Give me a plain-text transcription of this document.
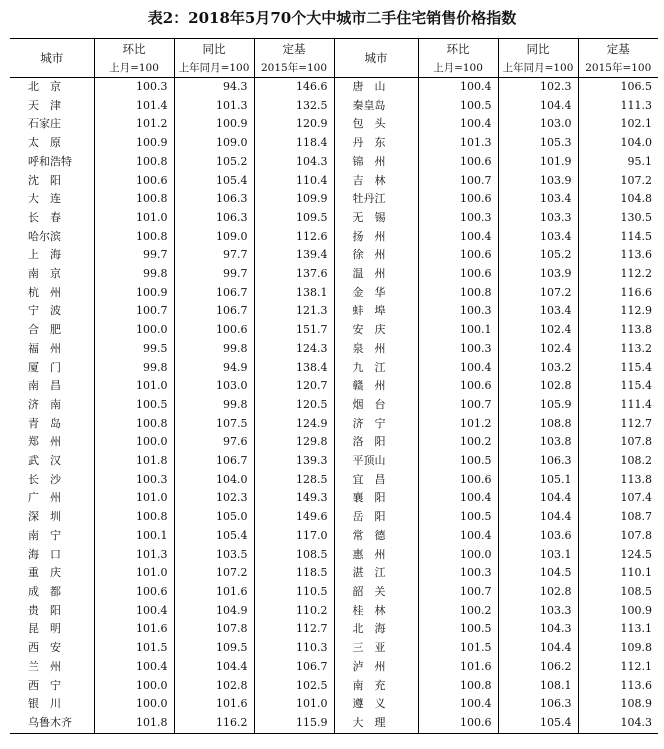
表2：2018年5月70个大中城市二手住宅销售价格指数
城市	环比	同比	定基	城市	环比	同比	定基
	上月=100	上年同月=100	2015年=100		上月=100	上年同月=100	2015年=100
北　京	100.3	94.3	146.6	唐　山	100.4	102.3	106.5
天　津	101.4	101.3	132.5	秦皇岛	100.5	104.4	111.3
石家庄	101.2	100.9	120.9	包　头	100.4	103.0	102.1
太　原	100.9	109.0	118.4	丹　东	101.3	105.3	104.0
呼和浩特	100.8	105.2	104.3	锦　州	100.6	101.9	95.1
沈　阳	100.6	105.4	110.4	吉　林	100.7	103.9	107.2
大　连	100.8	106.3	109.9	牡丹江	100.6	103.4	104.8
长　春	101.0	106.3	109.5	无　锡	100.3	103.3	130.5
哈尔滨	100.8	109.0	112.6	扬　州	100.4	103.4	114.5
上　海	99.7	97.7	139.4	徐　州	100.6	105.2	113.6
南　京	99.8	99.7	137.6	温　州	100.6	103.9	112.2
杭　州	100.9	106.7	138.1	金　华	100.8	107.2	116.6
宁　波	100.7	106.7	121.3	蚌　埠	100.3	103.4	112.9
合　肥	100.0	100.6	151.7	安　庆	100.1	102.4	113.8
福　州	99.5	99.8	124.3	泉　州	100.3	102.4	113.2
厦　门	99.8	94.9	138.4	九　江	100.4	103.2	115.4
南　昌	101.0	103.0	120.7	赣　州	100.6	102.8	115.4
济　南	100.5	99.8	120.5	烟　台	100.7	105.9	111.4
青　岛	100.8	107.5	124.9	济　宁	101.2	108.8	112.7
郑　州	100.0	97.6	129.8	洛　阳	100.2	103.8	107.8
武　汉	101.8	106.7	139.3	平顶山	100.5	106.3	108.2
长　沙	100.3	104.0	128.5	宜　昌	100.6	105.1	113.8
广　州	101.0	102.3	149.3	襄　阳	100.4	104.4	107.4
深　圳	100.8	105.0	149.6	岳　阳	100.5	104.4	108.7
南　宁	100.1	105.4	117.0	常　德	100.4	103.6	107.8
海　口	101.3	103.5	108.5	惠　州	100.0	103.1	124.5
重　庆	101.0	107.2	118.5	湛　江	100.3	104.5	110.1
成　都	100.6	101.6	110.5	韶　关	100.7	102.8	108.5
贵　阳	100.4	104.9	110.2	桂　林	100.2	103.3	100.9
昆　明	101.6	107.8	112.7	北　海	100.5	104.3	113.1
西　安	101.5	109.5	110.3	三　亚	101.5	104.4	109.8
兰　州	100.4	104.4	106.7	泸　州	101.6	106.2	112.1
西　宁	100.0	102.8	102.5	南　充	100.8	108.1	113.6
银　川	100.0	101.6	101.0	遵　义	100.4	106.3	108.9
乌鲁木齐	101.8	116.2	115.9	大　理	100.6	105.4	104.3
